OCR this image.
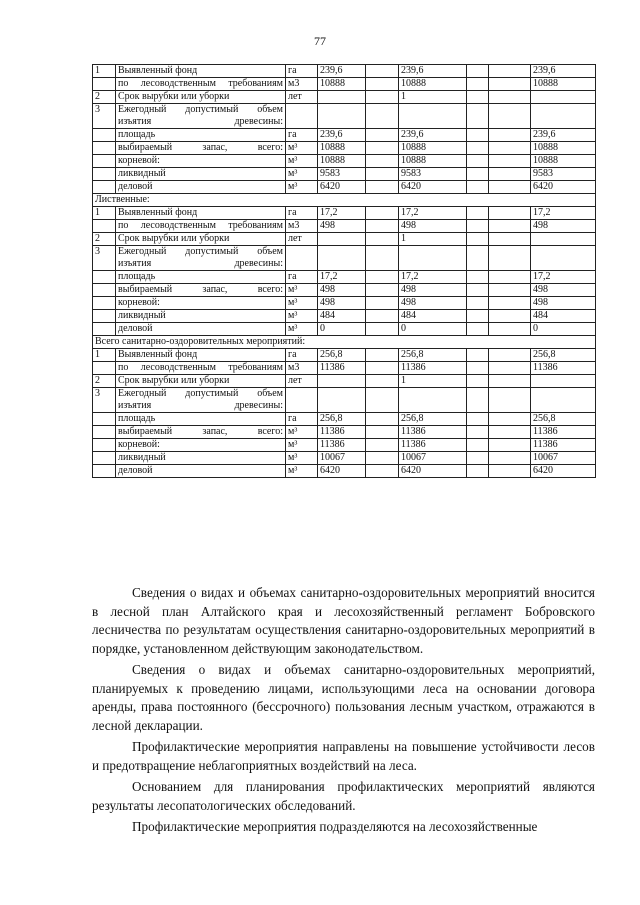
77
1	Выявленный фонд	га	239,6		239,6			239,6
	по лесоводственным требованиям	м3	10888		10888			10888
2	Срок вырубки или уборки	лет			1			
3	Ежегодный допустимый объем изъятия древесины:							
	площадь	га	239,6		239,6			239,6
	выбираемый запас, всего:	м³	10888		10888			10888
	корневой:	м³	10888		10888			10888
	ликвидный	м³	9583		9583			9583
	деловой	м³	6420		6420			6420
Лиственные:								
1	Выявленный фонд	га	17,2		17,2			17,2
	по лесоводственным требованиям	м3	498		498			498
2	Срок вырубки или уборки	лет			1			
3	Ежегодный допустимый объем изъятия древесины:							
	площадь	га	17,2		17,2			17,2
	выбираемый запас, всего:	м³	498		498			498
	корневой:	м³	498		498			498
	ликвидный	м³	484		484			484
	деловой	м³	0		0			0
Всего санитарно-оздоровительных мероприятий:								
1	Выявленный фонд	га	256,8		256,8			256,8
	по лесоводственным требованиям	м3	11386		11386			11386
2	Срок вырубки или уборки	лет			1			
3	Ежегодный допустимый объем изъятия древесины:							
	площадь	га	256,8		256,8			256,8
	выбираемый запас, всего:	м³	11386		11386			11386
	корневой:	м³	11386		11386			11386
	ликвидный	м³	10067		10067			10067
	деловой	м³	6420		6420			6420

Сведения о видах и объемах санитарно-оздоровительных мероприятий вносится в лесной план Алтайского края и лесохозяйственный регламент Бобровского лесничества по результатам осуществления санитарно-оздоровительных мероприятий в порядке, установленном действующим законодательством.

Сведения о видах и объемах санитарно-оздоровительных мероприятий, планируемых к проведению лицами, использующими леса на основании договора аренды, права постоянного (бессрочного) пользования лесным участком, отражаются в лесной декларации.

Профилактические мероприятия направлены на повышение устойчивости лесов и предотвращение неблагоприятных воздействий на леса.

Основанием для планирования профилактических мероприятий являются результаты лесопатологических обследований.

Профилактические мероприятия подразделяются на лесохозяйственные
